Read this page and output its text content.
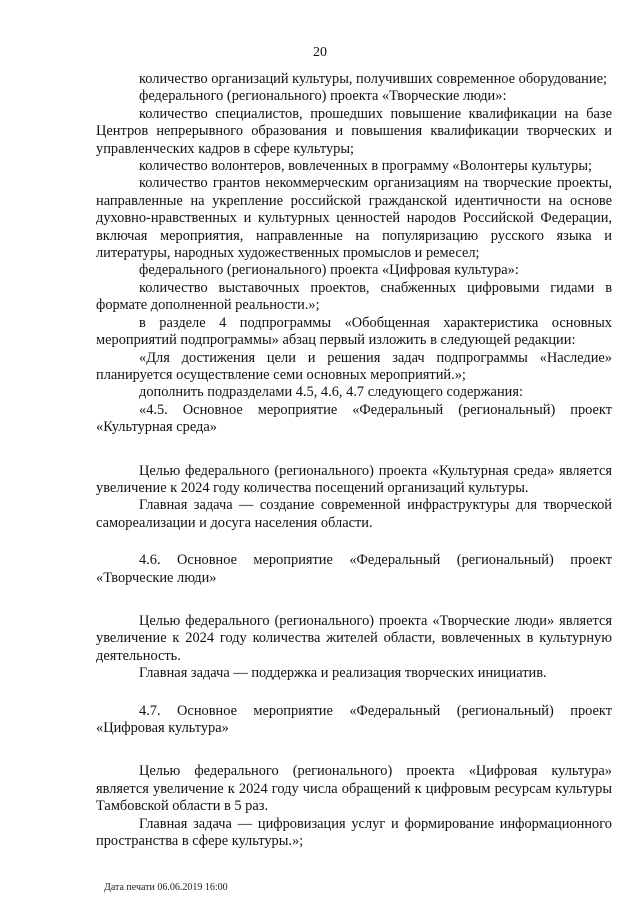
20

количество организаций культуры, получивших современное оборудование;

федерального (регионального) проекта «Творческие люди»:

количество специалистов, прошедших повышение квалификации на базе Центров непрерывного образования и повышения квалификации творческих и управленческих кадров в сфере культуры;

количество волонтеров, вовлеченных в программу «Волонтеры культуры;

количество грантов некоммерческим организациям на творческие проекты, направленные на укрепление российской гражданской идентичности на основе духовно-нравственных и культурных ценностей народов Российской Федерации, включая мероприятия, направленные на популяризацию русского языка и литературы, народных художественных промыслов и ремесел;

федерального (регионального) проекта «Цифровая культура»:

количество выставочных проектов, снабженных цифровыми гидами в формате дополненной реальности.»;

в разделе 4 подпрограммы «Обобщенная характеристика основных мероприятий подпрограммы» абзац первый изложить в следующей редакции:

«Для достижения цели и решения задач подпрограммы «Наследие» планируется осуществление семи основных мероприятий.»;

дополнить подразделами 4.5, 4.6, 4.7 следующего содержания:

«4.5. Основное мероприятие «Федеральный (региональный) проект «Культурная среда»

Целью федерального (регионального) проекта «Культурная среда» является увеличение к 2024 году количества посещений организаций культуры.

Главная задача — создание современной инфраструктуры для творческой самореализации и досуга населения области.

4.6. Основное мероприятие «Федеральный (региональный) проект «Творческие люди»

Целью федерального (регионального) проекта «Творческие люди» является увеличение к 2024 году количества жителей области, вовлеченных в культурную деятельность.

Главная задача — поддержка и реализация творческих инициатив.

4.7. Основное мероприятие «Федеральный (региональный) проект «Цифровая культура»

Целью федерального (регионального) проекта «Цифровая культура» является увеличение к 2024 году числа обращений к цифровым ресурсам культуры Тамбовской области в 5 раз.

Главная задача — цифровизация услуг и формирование информационного пространства в сфере культуры.»;

Дата печати 06.06.2019 16:00
